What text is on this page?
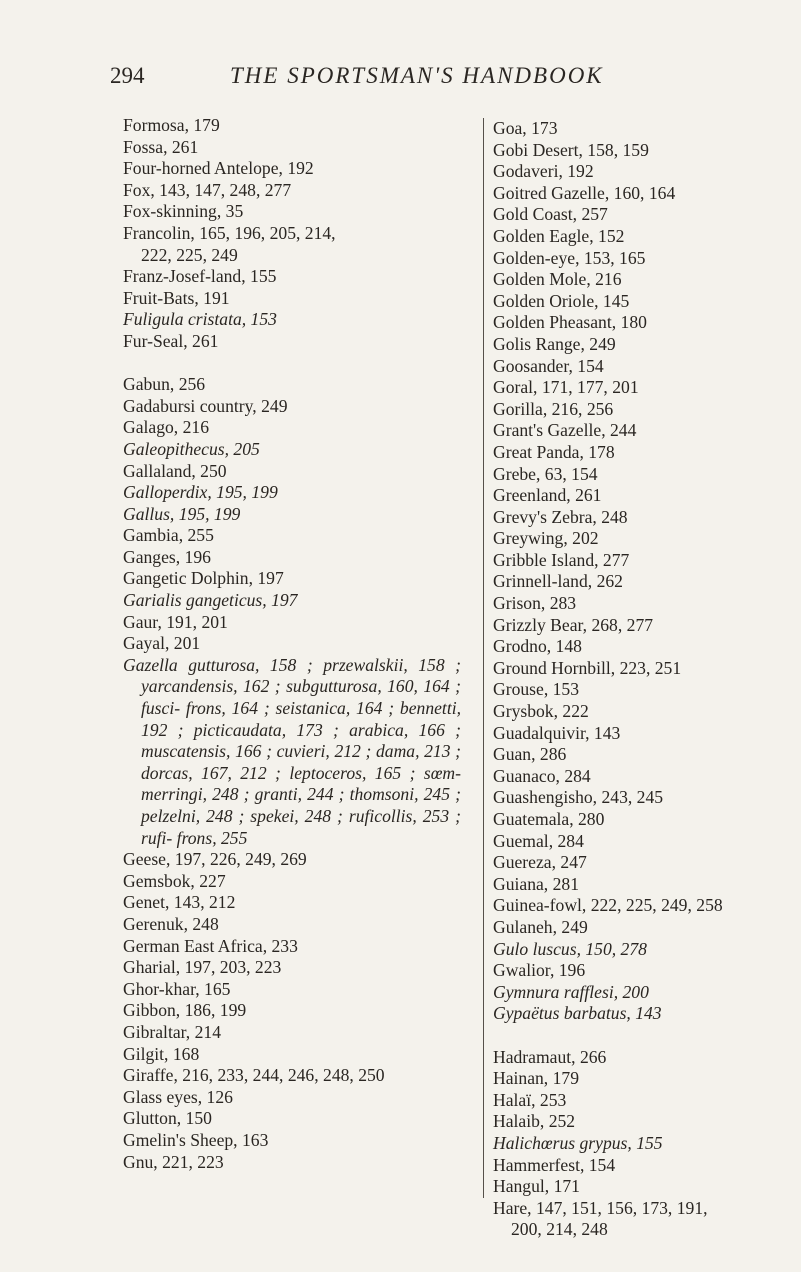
294	THE SPORTSMAN'S HANDBOOK
Formosa, 179
Fossa, 261
Four-horned Antelope, 192
Fox, 143, 147, 248, 277
Fox-skinning, 35
Francolin, 165, 196, 205, 214,
222, 225, 249
Franz-Josef-land, 155
Fruit-Bats, 191
Fuligula cristata, 153
Fur-Seal, 261
Gabun, 256
Gadabursi country, 249
Galago, 216
Galeopithecus, 205
Gallaland, 250
Galloperdix, 195, 199
Gallus, 195, 199
Gambia, 255
Ganges, 196
Gangetic Dolphin, 197
Garialis gangeticus, 197
Gaur, 191, 201
Gayal, 201
Gazella gutturosa, 158 ; przewalskii, 158 ; yarcandensis, 162 ; subgutturosa, 160, 164 ; fusci- frons, 164 ; seistanica, 164 ; bennetti, 192 ; picticaudata, 173 ; arabica, 166 ; muscatensis, 166 ; cuvieri, 212 ; dama, 213 ; dorcas, 167, 212 ; leptoceros, 165 ; sœm- merringi, 248 ; granti, 244 ; thomsoni, 245 ; pelzelni, 248 ; spekei, 248 ; ruficollis, 253 ; rufi- frons, 255
Geese, 197, 226, 249, 269
Gemsbok, 227
Genet, 143, 212
Gerenuk, 248
German East Africa, 233
Gharial, 197, 203, 223
Ghor-khar, 165
Gibbon, 186, 199
Gibraltar, 214
Gilgit, 168
Giraffe, 216, 233, 244, 246, 248, 250
Glass eyes, 126
Glutton, 150
Gmelin's Sheep, 163
Gnu, 221, 223
Goa, 173
Gobi Desert, 158, 159
Godaveri, 192
Goitred Gazelle, 160, 164
Gold Coast, 257
Golden Eagle, 152
Golden-eye, 153, 165
Golden Mole, 216
Golden Oriole, 145
Golden Pheasant, 180
Golis Range, 249
Goosander, 154
Goral, 171, 177, 201
Gorilla, 216, 256
Grant's Gazelle, 244
Great Panda, 178
Grebe, 63, 154
Greenland, 261
Grevy's Zebra, 248
Greywing, 202
Gribble Island, 277
Grinnell-land, 262
Grison, 283
Grizzly Bear, 268, 277
Grodno, 148
Ground Hornbill, 223, 251
Grouse, 153
Grysbok, 222
Guadalquivir, 143
Guan, 286
Guanaco, 284
Guashengisho, 243, 245
Guatemala, 280
Guemal, 284
Guereza, 247
Guiana, 281
Guinea-fowl, 222, 225, 249, 258
Gulaneh, 249
Gulo luscus, 150, 278
Gwalior, 196
Gymnura rafflesi, 200
Gypaëtus barbatus, 143
Hadramaut, 266
Hainan, 179
Halaï, 253
Halaib, 252
Halichœrus grypus, 155
Hammerfest, 154
Hangul, 171
Hare, 147, 151, 156, 173, 191,
200, 214, 248
